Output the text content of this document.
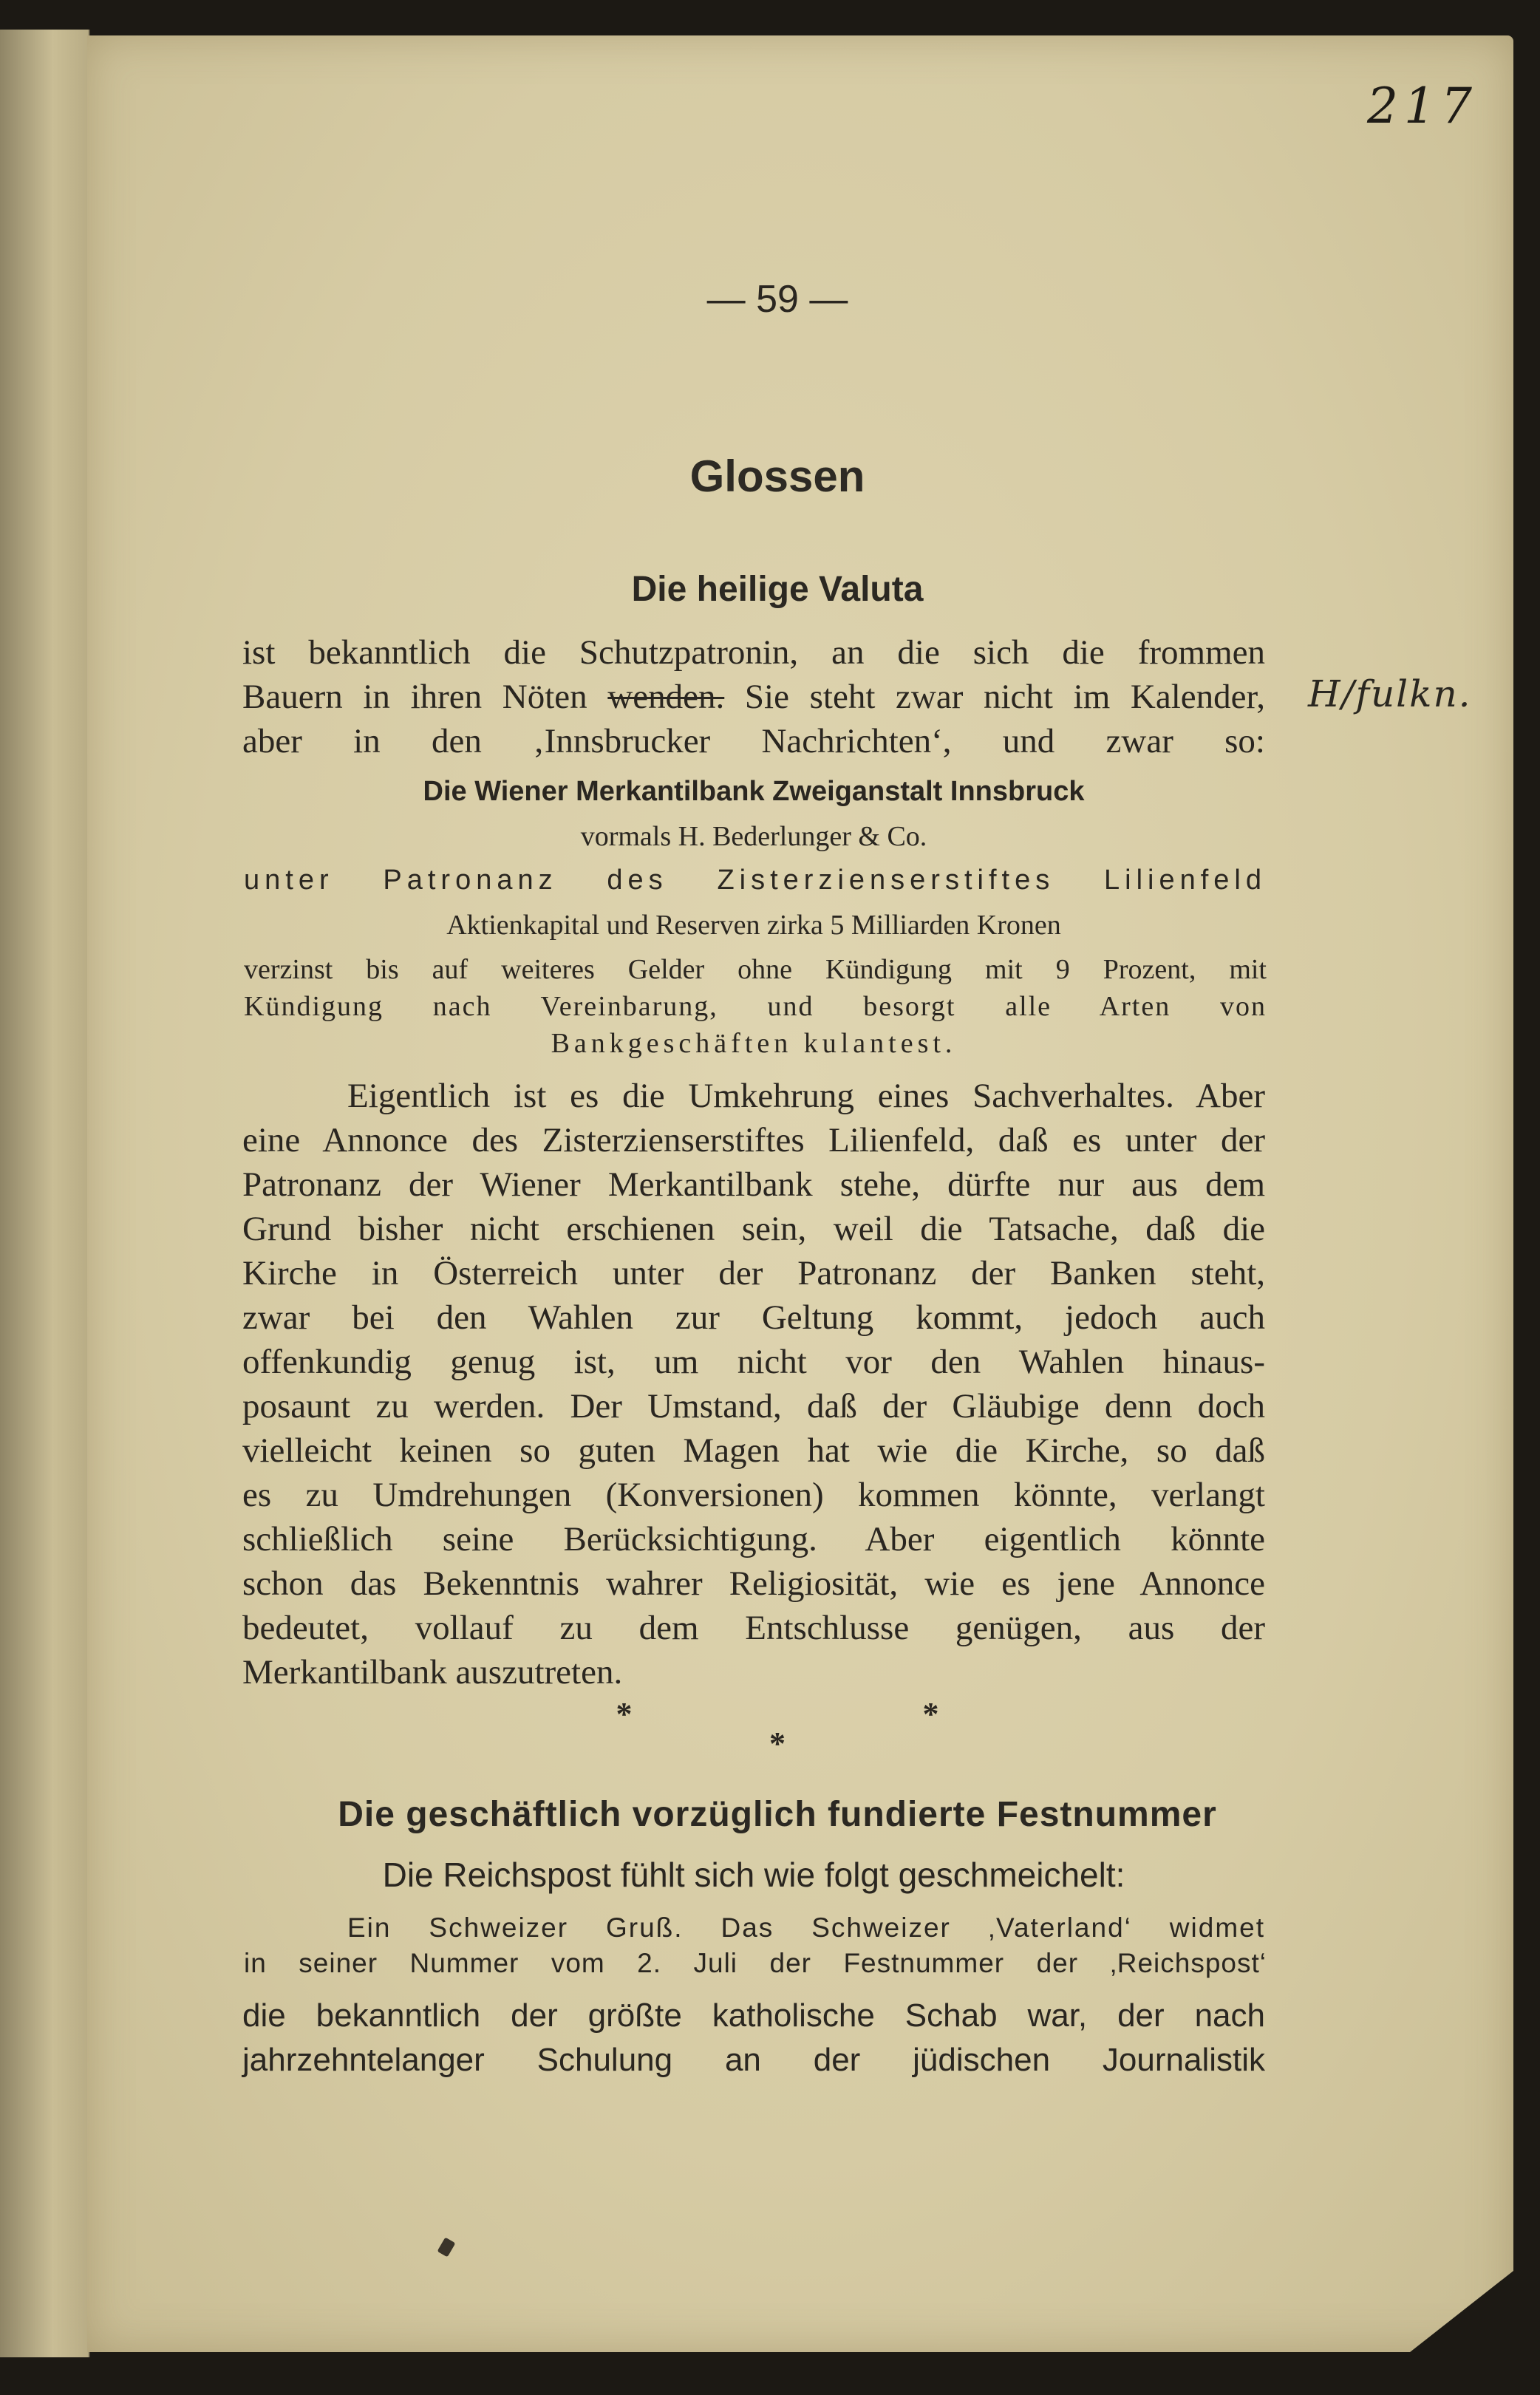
217
H/fulkn.
— 59 —
Glossen
Die heilige Valuta
ist bekanntlich die Schutzpatronin, an die sich die frommen
Bauern in ihren Nöten wenden. Sie steht zwar nicht im Kalender,
aber in den ‚Innsbrucker Nachrichten‘, und zwar so:
Die Wiener Merkantilbank Zweiganstalt Innsbruck
vormals H. Bederlunger & Co.
unter Patronanz des Zisterzienserstiftes Lilienfeld
Aktienkapital und Reserven zirka 5 Milliarden Kronen
verzinst bis auf weiteres Gelder ohne Kündigung mit 9 Prozent, mit
Kündigung nach Vereinbarung, und besorgt alle Arten von
Bankgeschäften kulantest.
Eigentlich ist es die Umkehrung eines Sachverhaltes. Aber
eine Annonce des Zisterzienserstiftes Lilienfeld, daß es unter der
Patronanz der Wiener Merkantilbank stehe, dürfte nur aus dem
Grund bisher nicht erschienen sein, weil die Tatsache, daß die
Kirche in Österreich unter der Patronanz der Banken steht,
zwar bei den Wahlen zur Geltung kommt, jedoch auch
offenkundig genug ist, um nicht vor den Wahlen hinaus-
posaunt zu werden. Der Umstand, daß der Gläubige denn doch
vielleicht keinen so guten Magen hat wie die Kirche, so daß
es zu Umdrehungen (Konversionen) kommen könnte, verlangt
schließlich seine Berücksichtigung. Aber eigentlich könnte
schon das Bekenntnis wahrer Religiosität, wie es jene Annonce
bedeutet, vollauf zu dem Entschlusse genügen, aus der
Merkantilbank auszutreten.
*   *
*
Die geschäftlich vorzüglich fundierte Festnummer
Die Reichspost fühlt sich wie folgt geschmeichelt:
Ein Schweizer Gruß. Das Schweizer ‚Vaterland‘ widmet
in seiner Nummer vom 2. Juli der Festnummer der ‚Reichspost‘
die bekanntlich der größte katholische Schab war, der nach
jahrzehntelanger Schulung an der jüdischen Journalistik
